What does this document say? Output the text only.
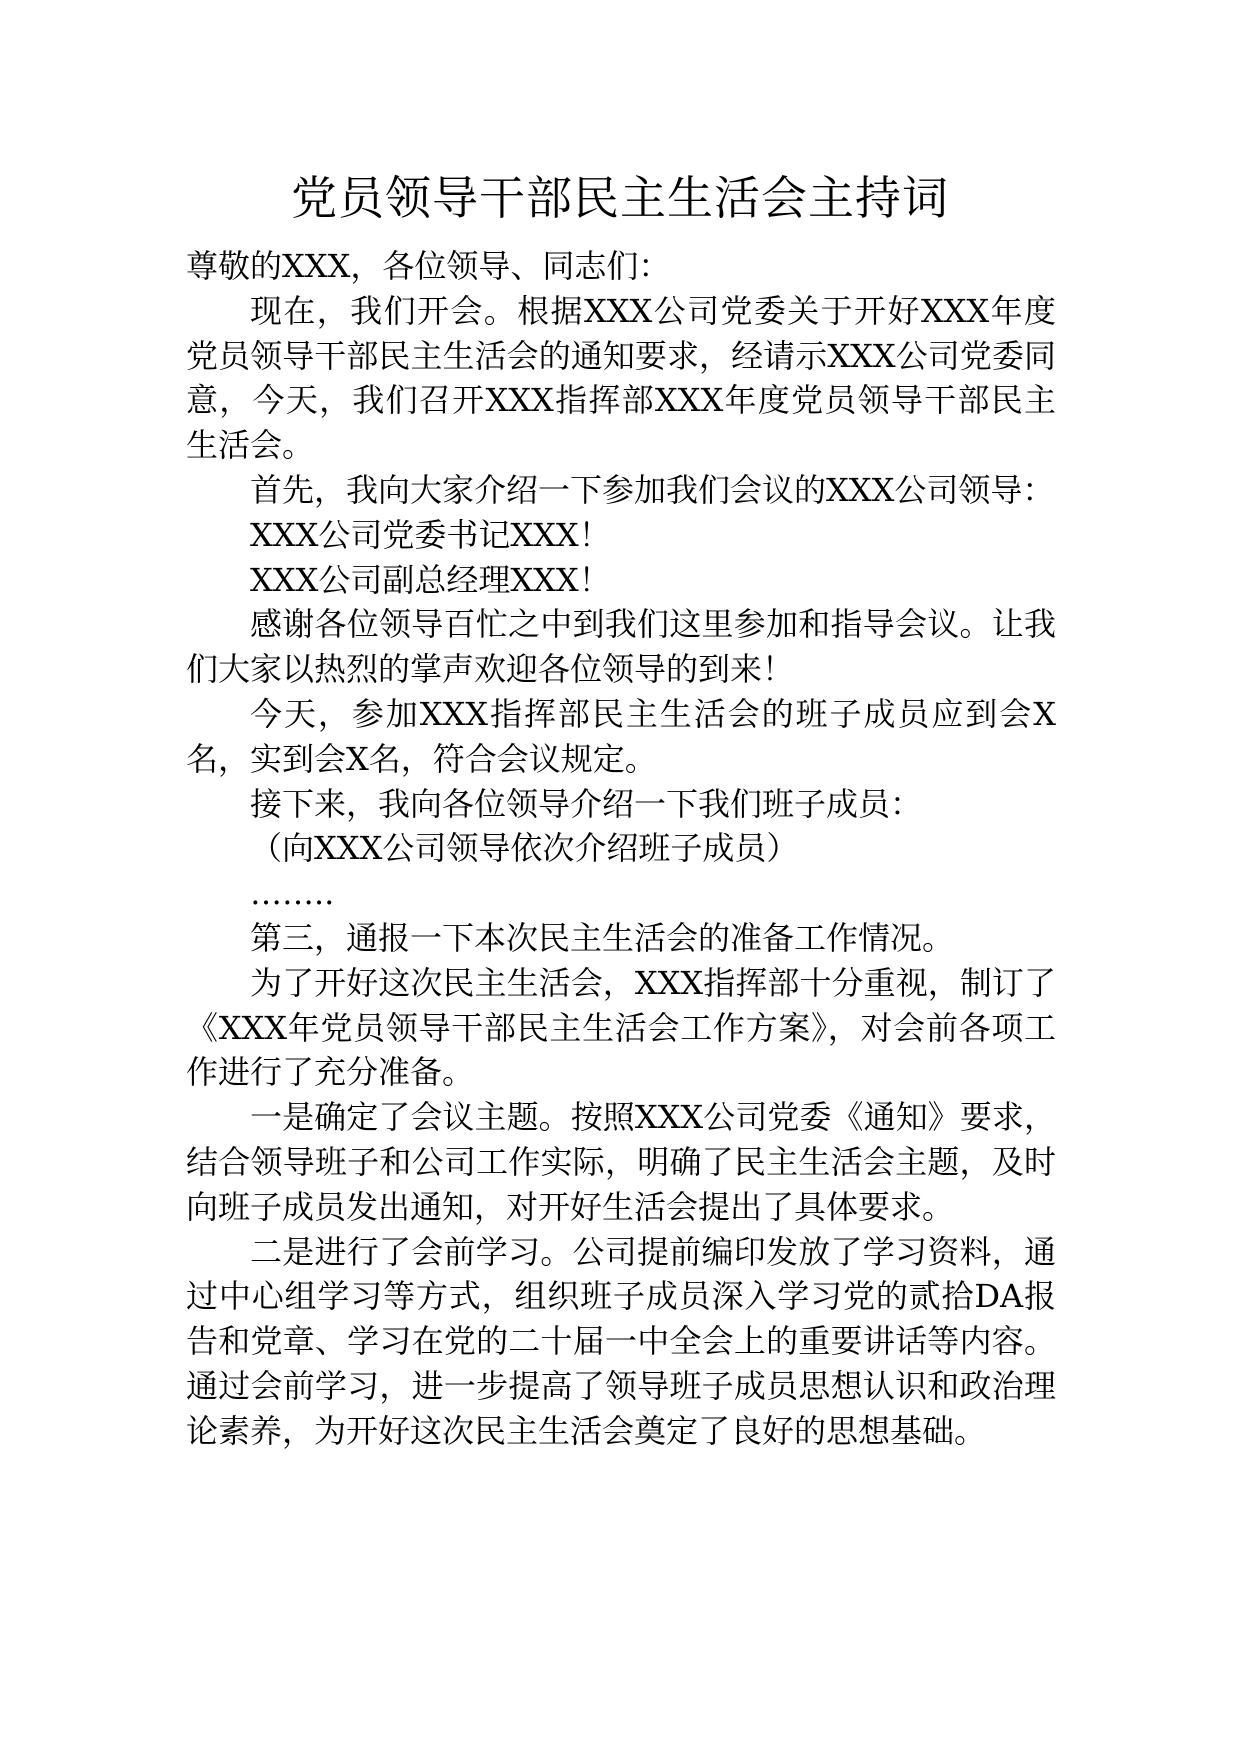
党员领导干部民主生活会主持词

尊敬的XXX，各位领导、同志们：

现在，我们开会。根据XXX公司党委关于开好XXX年度党员领导干部民主生活会的通知要求，经请示XXX公司党委同意，今天，我们召开XXX指挥部XXX年度党员领导干部民主生活会。

首先，我向大家介绍一下参加我们会议的XXX公司领导：

XXX公司党委书记XXX！

XXX公司副总经理XXX！

感谢各位领导百忙之中到我们这里参加和指导会议。让我们大家以热烈的掌声欢迎各位领导的到来！

今天，参加XXX指挥部民主生活会的班子成员应到会X名，实到会X名，符合会议规定。

接下来，我向各位领导介绍一下我们班子成员：

（向XXX公司领导依次介绍班子成员）

……..

第三，通报一下本次民主生活会的准备工作情况。

为了开好这次民主生活会，XXX指挥部十分重视，制订了《XXX年党员领导干部民主生活会工作方案》，对会前各项工作进行了充分准备。

一是确定了会议主题。按照XXX公司党委《通知》要求，结合领导班子和公司工作实际，明确了民主生活会主题，及时向班子成员发出通知，对开好生活会提出了具体要求。

二是进行了会前学习。公司提前编印发放了学习资料，通过中心组学习等方式，组织班子成员深入学习党的贰拾DA报告和党章、学习在党的二十届一中全会上的重要讲话等内容。通过会前学习，进一步提高了领导班子成员思想认识和政治理论素养，为开好这次民主生活会奠定了良好的思想基础。
